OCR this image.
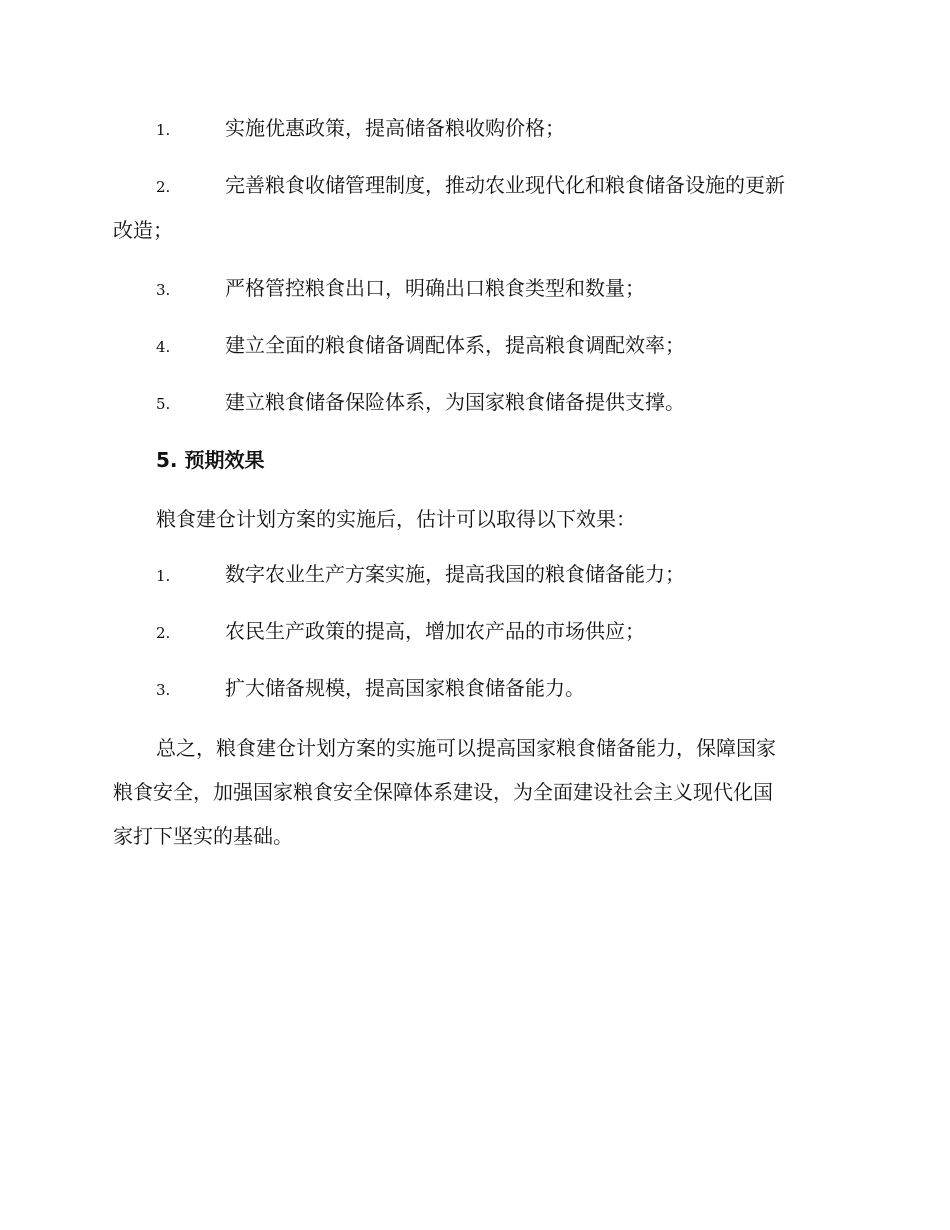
1.	实施优惠政策，提高储备粮收购价格；
2.	完善粮食收储管理制度，推动农业现代化和粮食储备设施的更新
改造；
3.	严格管控粮食出口，明确出口粮食类型和数量；
4.	建立全面的粮食储备调配体系，提高粮食调配效率；
5.	建立粮食储备保险体系，为国家粮食储备提供支撑。
5. 预期效果
粮食建仓计划方案的实施后，估计可以取得以下效果：
1.	数字农业生产方案实施，提高我国的粮食储备能力；
2.	农民生产政策的提高，增加农产品的市场供应；
3.	扩大储备规模，提高国家粮食储备能力。
总之，粮食建仓计划方案的实施可以提高国家粮食储备能力，保障国家
粮食安全，加强国家粮食安全保障体系建设，为全面建设社会主义现代化国
家打下坚实的基础。
